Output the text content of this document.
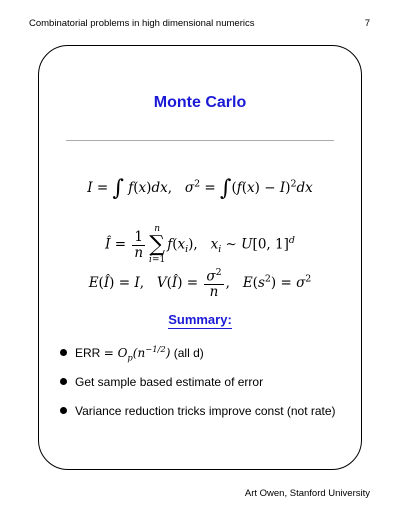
Combinatorial problems in high dimensional numerics	7
Monte Carlo
I = ∫ f(x)dx,   $\sigma^2 = \int(f(x) - I)^2dx$
Î = $\frac{1}{n}$
n
∑
i=1
$f(x_i)$,   $x_i$ ∼ U[0, 1]$^d$
E(Î) = I,   V(Î) = $\frac{\sigma^2}{n}$ ,   $E(s^2) = \sigma^2$
Summary:
ERR = $O_p(n^{-1/2})$ (all d)
Get sample based estimate of error
Variance reduction tricks improve const (not rate)
Art Owen, Stanford University
